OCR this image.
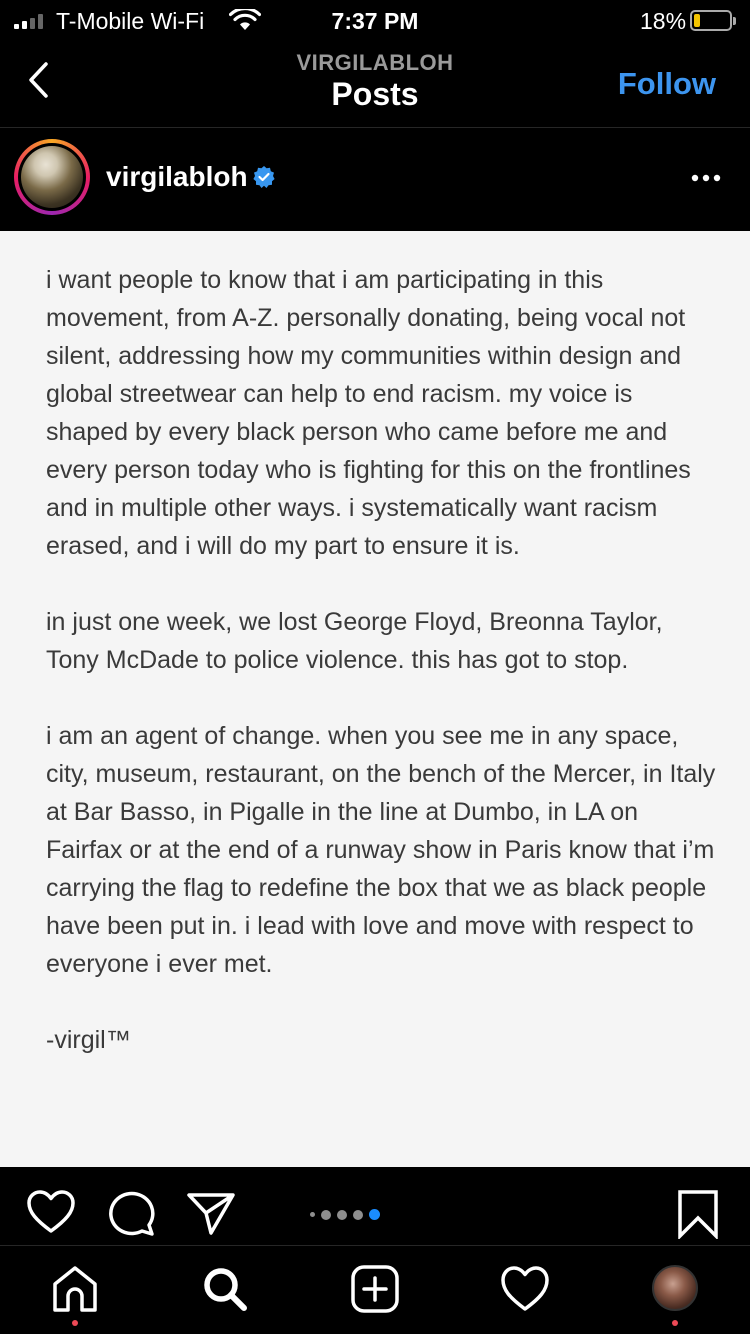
T-Mobile Wi-Fi	7:37 PM	18%
VIRGILABLOH
Posts	Follow
virgilabloh

i want people to know that i am participating in this movement, from A-Z. personally donating, being vocal not silent, addressing how my communities within design and global streetwear can help to end racism. my voice is shaped by every black person who came before me and every person today who is fighting for this on the frontlines and in multiple other ways. i systematically want racism erased, and i will do my part to ensure it is.

in just one week, we lost George Floyd, Breonna Taylor, Tony McDade to police violence. this has got to stop.

i am an agent of change. when you see me in any space, city, museum, restaurant, on the bench of the Mercer, in Italy at Bar Basso, in Pigalle in the line at Dumbo, in LA on Fairfax or at the end of a runway show in Paris know that i’m carrying the flag to redefine the box that we as black people have been put in. i lead with love and move with respect to everyone i ever met.

-virgil™
